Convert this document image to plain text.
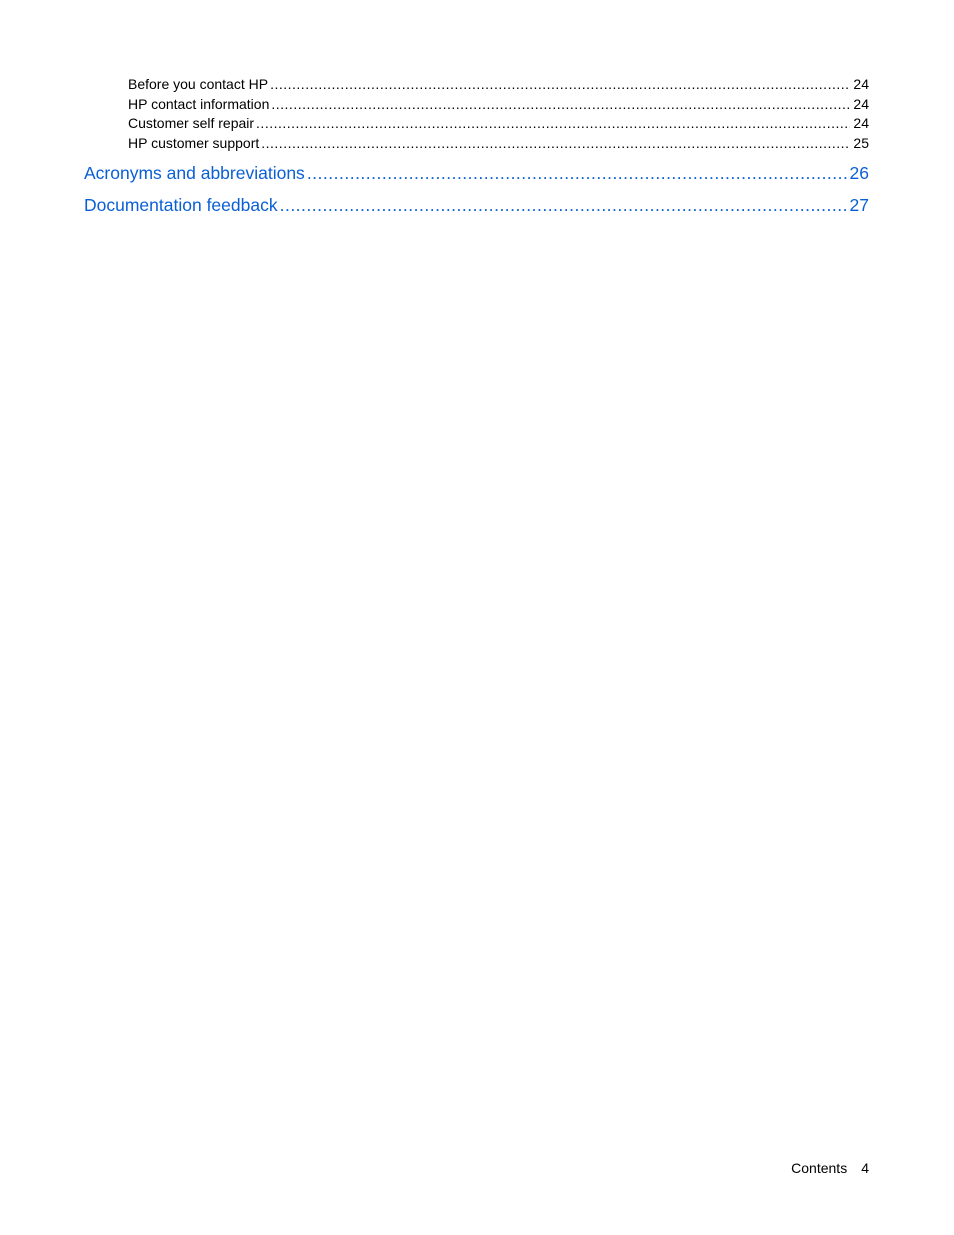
Before you contact HP .....	24
HP contact information .....	24
Customer self repair .....	24
HP customer support .....	25
Acronyms and abbreviations .....	26
Documentation feedback .....	27
Contents 4
